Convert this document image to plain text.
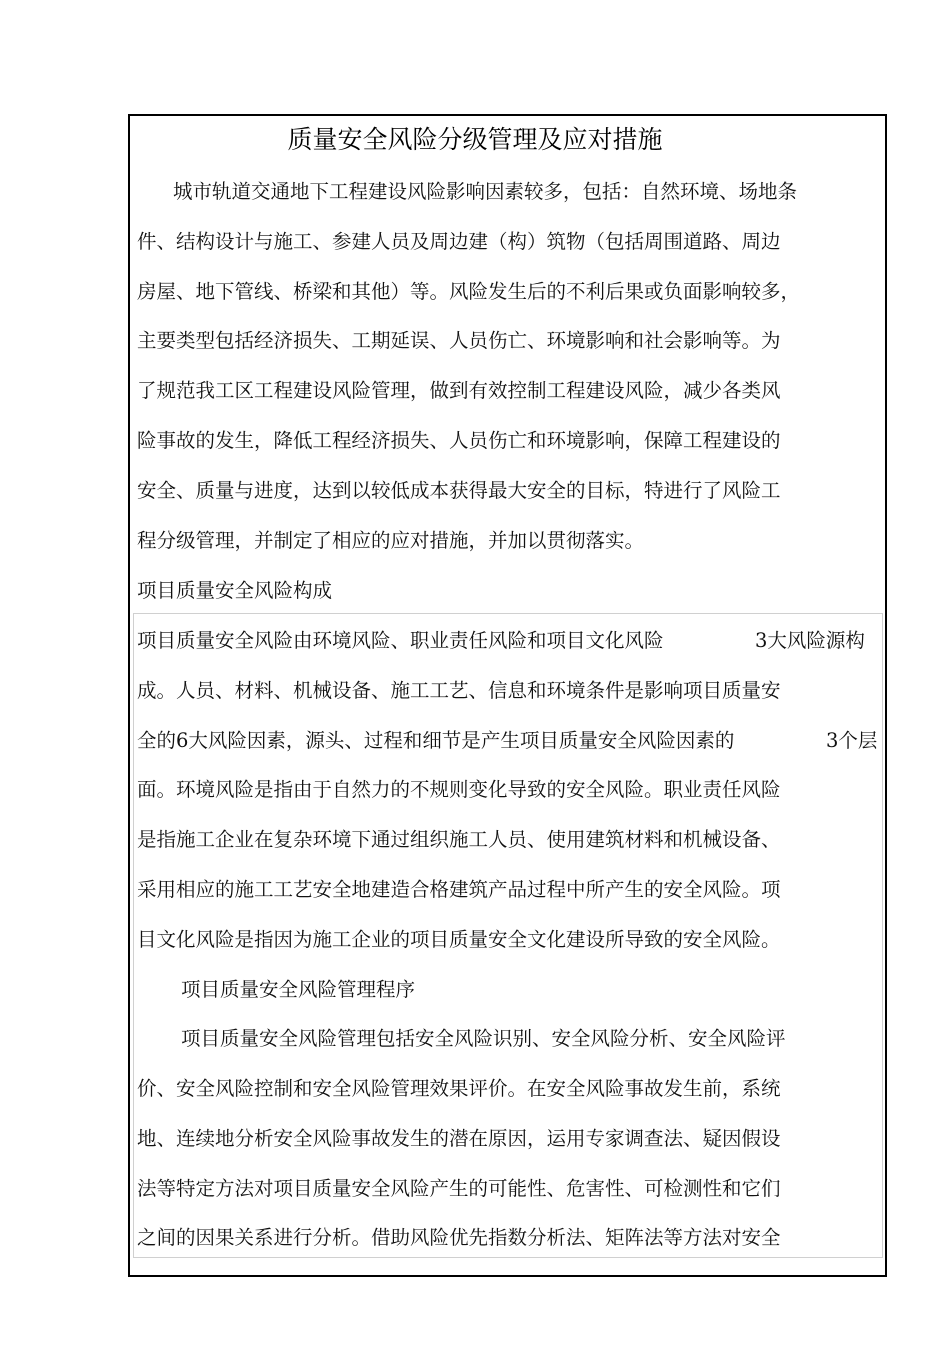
质量安全风险分级管理及应对措施
城市轨道交通地下工程建设风险影响因素较多，包括：自然环境、场地条
件、结构设计与施工、参建人员及周边建（构）筑物（包括周围道路、周边
房屋、地下管线、桥梁和其他）等。风险发生后的不利后果或负面影响较多，
主要类型包括经济损失、工期延误、人员伤亡、环境影响和社会影响等。为
了规范我工区工程建设风险管理，做到有效控制工程建设风险，减少各类风
险事故的发生，降低工程经济损失、人员伤亡和环境影响，保障工程建设的
安全、质量与进度，达到以较低成本获得最大安全的目标，特进行了风险工
程分级管理，并制定了相应的应对措施，并加以贯彻落实。
项目质量安全风险构成
项目质量安全风险由环境风险、职业责任风险和项目文化风险	3大风险源构
成。人员、材料、机械设备、施工工艺、信息和环境条件是影响项目质量安
全的6大风险因素，源头、过程和细节是产生项目质量安全风险因素的	3个层
面。环境风险是指由于自然力的不规则变化导致的安全风险。职业责任风险
是指施工企业在复杂环境下通过组织施工人员、使用建筑材料和机械设备、
采用相应的施工工艺安全地建造合格建筑产品过程中所产生的安全风险。项
目文化风险是指因为施工企业的项目质量安全文化建设所导致的安全风险。
项目质量安全风险管理程序
项目质量安全风险管理包括安全风险识别、安全风险分析、安全风险评
价、安全风险控制和安全风险管理效果评价。在安全风险事故发生前，系统
地、连续地分析安全风险事故发生的潜在原因，运用专家调查法、疑因假设
法等特定方法对项目质量安全风险产生的可能性、危害性、可检测性和它们
之间的因果关系进行分析。借助风险优先指数分析法、矩阵法等方法对安全
